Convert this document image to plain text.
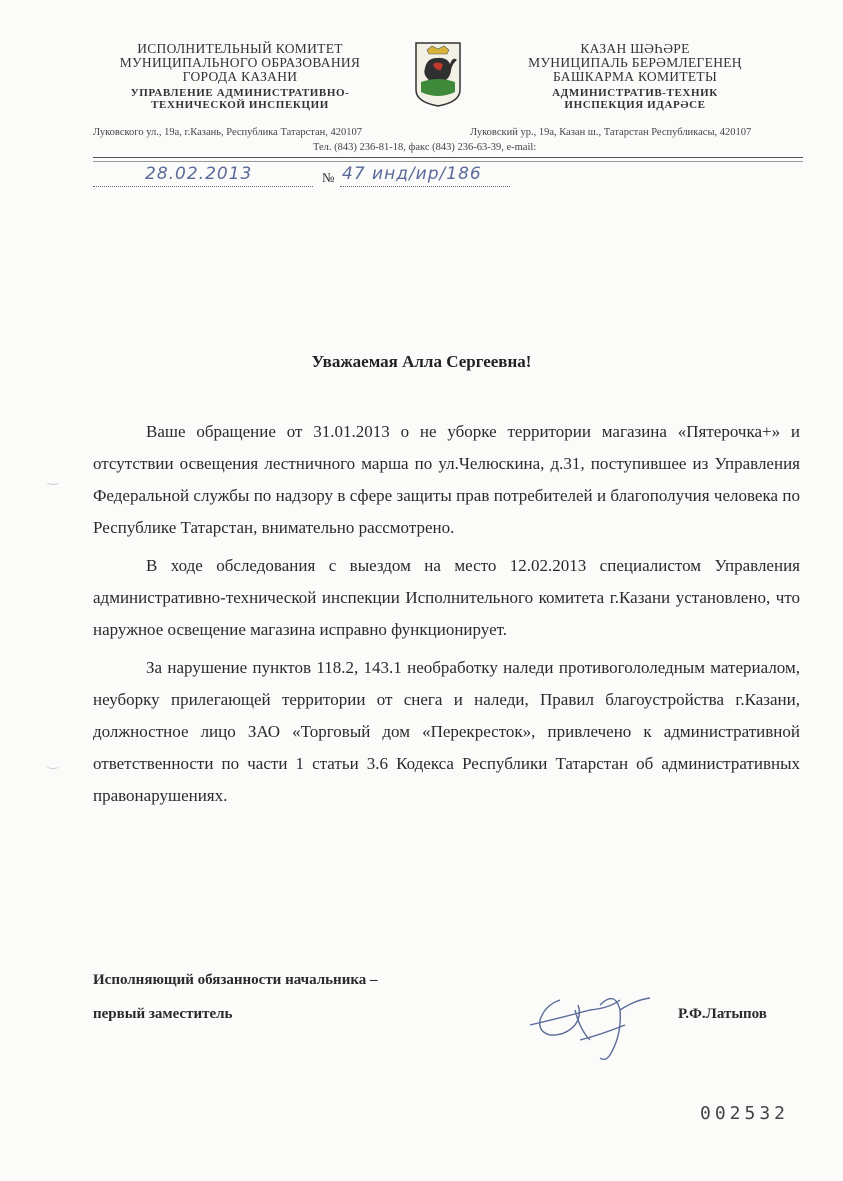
ИСПОЛНИТЕЛЬНЫЙ КОМИТЕТ
МУНИЦИПАЛЬНОГО ОБРАЗОВАНИЯ
ГОРОДА КАЗАНИ
УПРАВЛЕНИЕ АДМИНИСТРАТИВНО-
ТЕХНИЧЕСКОЙ ИНСПЕКЦИИ
КАЗАН ШӘҺӘРЕ
МУНИЦИПАЛЬ БЕРӘМЛЕГЕНЕҢ
БАШКАРМА КОМИТЕТЫ
АДМИНИСТРАТИВ-ТЕХНИК
ИНСПЕКЦИЯ ИДАРӘСЕ
Луковского ул., 19а, г.Казань, Республика Татарстан, 420107	Луковский ур., 19а, Казан ш., Татарстан Республикасы, 420107
Тел. (843) 236-81-18, факс (843) 236-63-39, e-mail:
28.02.2013	№ 47 инд/ир/186
Уважаемая Алла Сергеевна!

Ваше обращение от 31.01.2013 о не уборке территории магазина «Пятерочка+» и отсутствии освещения лестничного марша по ул.Челюскина, д.31, поступившее из Управления Федеральной службы по надзору в сфере защиты прав потребителей и благополучия человека по Республике Татарстан, внимательно рассмотрено.

В ходе обследования с выездом на место 12.02.2013 специалистом Управления административно-технической инспекции Исполнительного комитета г.Казани установлено, что наружное освещение магазина исправно функционирует.

За нарушение пунктов 118.2, 143.1 необработку наледи противогололедным материалом, неуборку прилегающей территории от снега и наледи, Правил благоустройства г.Казани, должностное лицо ЗАО «Торговый дом «Перекресток», привлечено к административной ответственности по части 1 статьи 3.6 Кодекса Республики Татарстан об административных правонарушениях.

Исполняющий обязанности начальника –
первый заместитель	Р.Ф.Латыпов
002532
